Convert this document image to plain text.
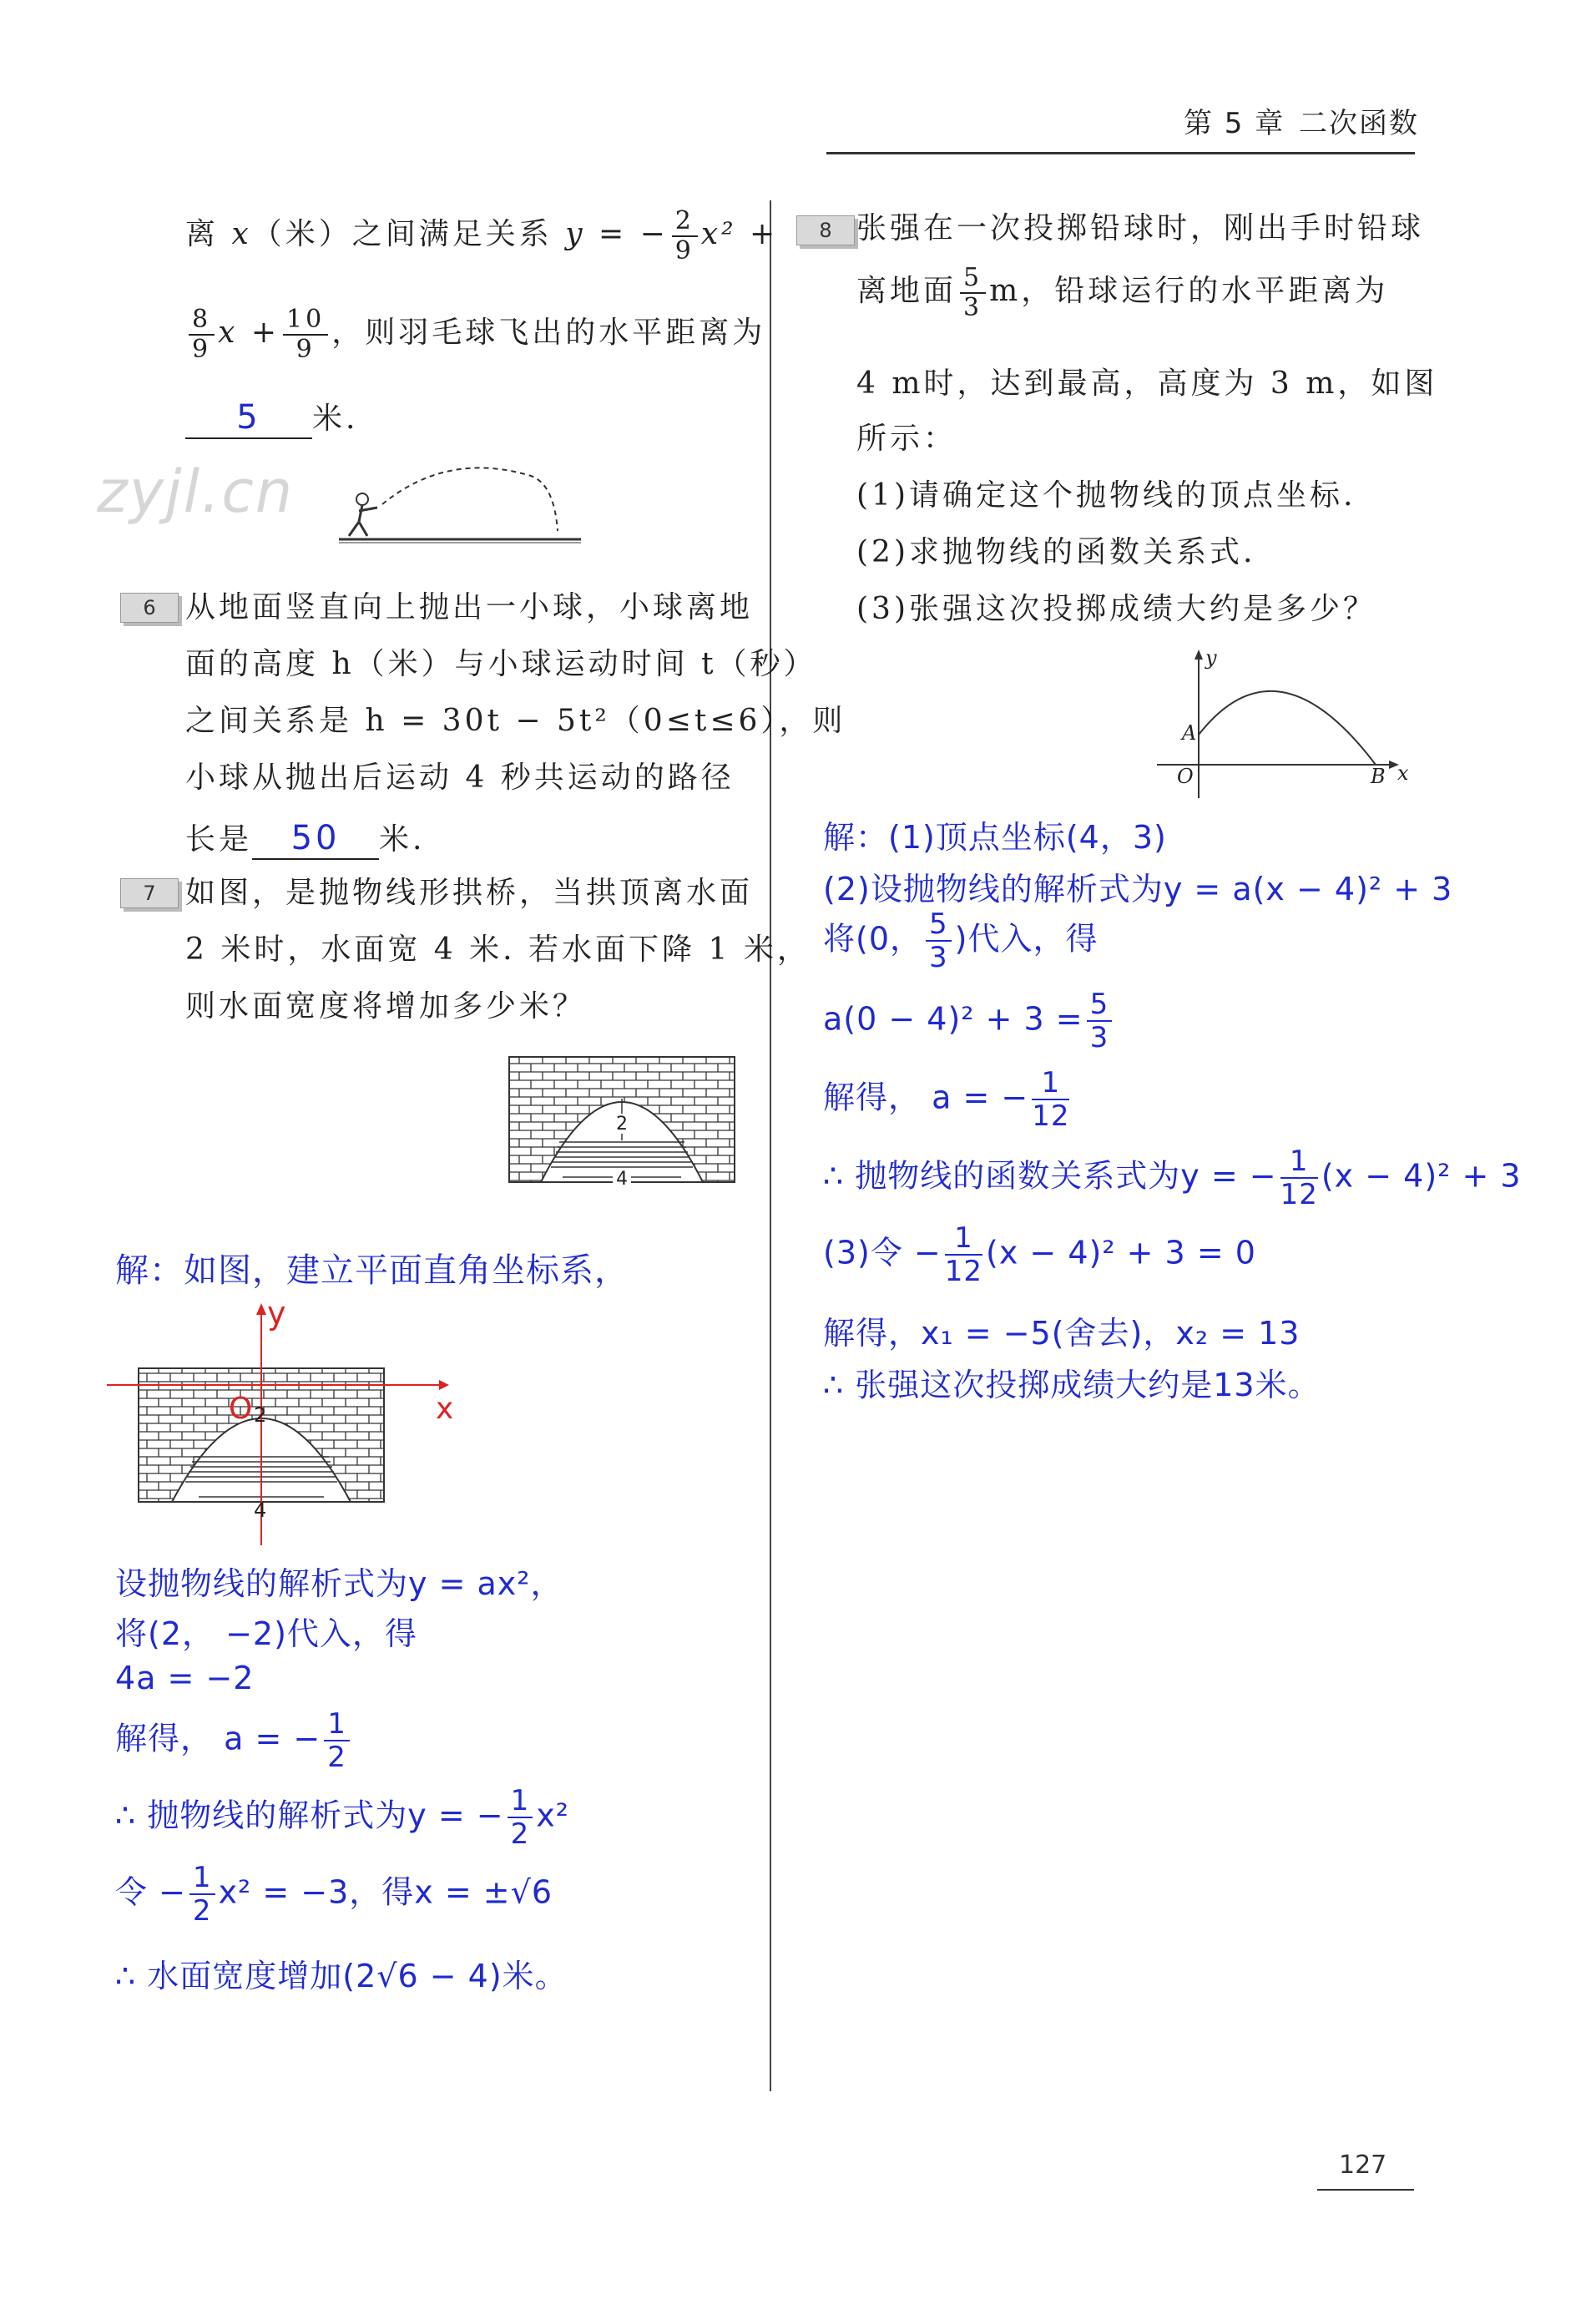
第 5 章 二次函数
离 x（米）之间满足关系 y = − $\frac{2}{9} x^2$ +
$\frac{8}{9}$ $x + \frac{10}{9}$ ，则羽毛球飞出的水平距离为
5 米.
zyjl.cn
6 从地面竖直向上抛出一小球，小球离地
面的高度 h（米）与小球运动时间 t（秒）
之间关系是 h = 30t − 5t²（0≤t≤6），则
小球从抛出后运动 4 秒共运动的路径
长是 50 米.
7 如图，是抛物线形拱桥，当拱顶离水面
2 米时，水面宽 4 米. 若水面下降 1 米，
则水面宽度将增加多少米？
2
4
解：如图，建立平面直角坐标系，
y
x
O 2
4
设抛物线的解析式为y = ax²，
将(2， −2)代入，得
4a = −2
解得， a = − $\frac{1}{2}$
∴ 抛物线的解析式为y = − $\frac{1}{2} x^2$
令 − $\frac{1}{2} x^2 = -3$，得x = ±√6
∴ 水面宽度增加(2√6 − 4)米。
8 张强在一次投掷铅球时，刚出手时铅球
离地面 $\frac{5}{3}$ m，铅球运行的水平距离为
4 m时，达到最高，高度为 3 m，如图
所示：
(1)请确定这个抛物线的顶点坐标.
(2)求抛物线的函数关系式.
(3)张强这次投掷成绩大约是多少？
y
x
A
O	B
解：(1)顶点坐标(4，3)
(2)设抛物线的解析式为y = a(x − 4)² + 3
将(0， $\frac{5}{3}$ )代入，得
$a(0 - 4)^2 + 3 = \frac{5}{3}$
解得， a = − $\frac{1}{12}$
∴ 抛物线的函数关系式为y = − $\frac{1}{12} (x - 4)^2 + 3$
(3)令 − $\frac{1}{12} (x - 4)^2 + 3 = 0$
解得，x₁ = −5(舍去)，x₂ = 13
∴ 张强这次投掷成绩大约是13米。
127
